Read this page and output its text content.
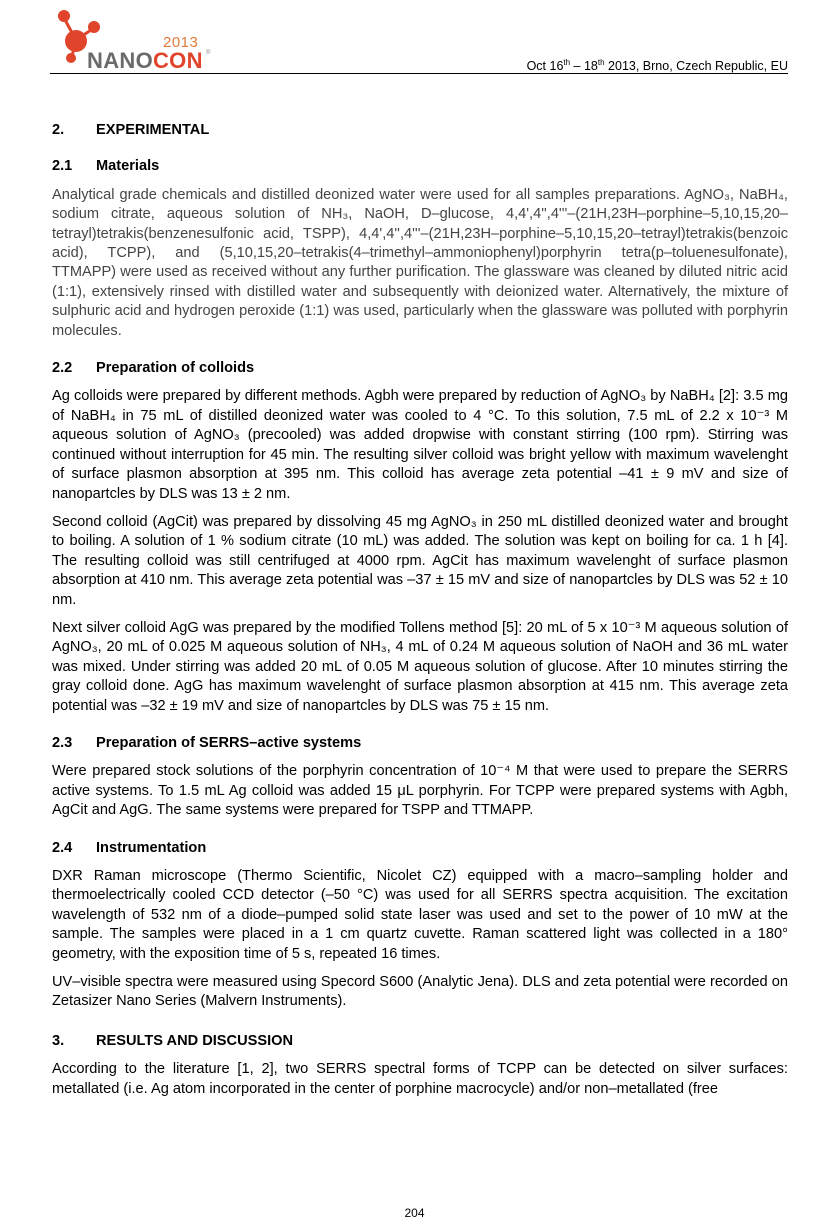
2013
NANOCON ®
Oct 16th – 18th 2013, Brno, Czech Republic, EU
2. EXPERIMENTAL
2.1 Materials

Analytical grade chemicals and distilled deonized water were used for all samples preparations. AgNO₃, NaBH₄, sodium citrate, aqueous solution of NH₃, NaOH, D–glucose, 4,4',4'',4'''–(21H,23H–porphine–5,10,15,20–tetrayl)tetrakis(benzenesulfonic acid, TSPP), 4,4',4'',4'''–(21H,23H–porphine–5,10,15,20–tetrayl)tetrakis(benzoic acid), TCPP), and (5,10,15,20–tetrakis(4–trimethyl–ammoniophenyl)porphyrin tetra(p–toluenesulfonate), TTMAPP) were used as received without any further purification. The glassware was cleaned by diluted nitric acid (1:1), extensively rinsed with distilled water and subsequently with deionized water. Alternatively, the mixture of sulphuric acid and hydrogen peroxide (1:1) was used, particularly when the glassware was polluted with porphyrin molecules.

2.2 Preparation of colloids

Ag colloids were prepared by different methods. Agbh were prepared by reduction of AgNO₃ by NaBH₄ [2]: 3.5 mg of NaBH₄ in 75 mL of distilled deonized water was cooled to 4 °C. To this solution, 7.5 mL of 2.2 x 10⁻³ M aqueous solution of AgNO₃ (precooled) was added dropwise with constant stirring (100 rpm). Stirring was continued without interruption for 45 min. The resulting silver colloid was bright yellow with maximum wavelenght of surface plasmon absorption at 395 nm. This colloid has average zeta potential –41 ± 9 mV and size of nanopartcles by DLS was 13 ± 2 nm.

Second colloid (AgCit) was prepared by dissolving 45 mg AgNO₃ in 250 mL distilled deonized water and brought to boiling. A solution of 1 % sodium citrate (10 mL) was added. The solution was kept on boiling for ca. 1 h [4]. The resulting colloid was still centrifuged at 4000 rpm. AgCit has maximum wavelenght of surface plasmon absorption at 410 nm. This average zeta potential was –37 ± 15 mV and size of nanopartcles by DLS was 52 ± 10 nm.

Next silver colloid AgG was prepared by the modified Tollens method [5]: 20 mL of 5 x 10⁻³ M aqueous solution of AgNO₃, 20 mL of 0.025 M aqueous solution of NH₃, 4 mL of 0.24 M aqueous solution of NaOH and 36 mL water was mixed. Under stirring was added 20 mL of 0.05 M aqueous solution of glucose. After 10 minutes stirring the gray colloid done. AgG has maximum wavelenght of surface plasmon absorption at 415 nm. This average zeta potential was –32 ± 19 mV and size of nanopartcles by DLS was 75 ± 15 nm.

2.3 Preparation of SERRS–active systems

Were prepared stock solutions of the porphyrin concentration of 10⁻⁴ M that were used to prepare the SERRS active systems. To 1.5 mL Ag colloid was added 15 μL porphyrin. For TCPP were prepared systems with Agbh, AgCit and AgG. The same systems were prepared for TSPP and TTMAPP.

2.4 Instrumentation

DXR Raman microscope (Thermo Scientific, Nicolet CZ) equipped with a macro–sampling holder and thermoelectrically cooled CCD detector (–50 °C) was used for all SERRS spectra acquisition. The excitation wavelength of 532 nm of a diode–pumped solid state laser was used and set to the power of 10 mW at the sample. The samples were placed in a 1 cm quartz cuvette. Raman scattered light was collected in a 180° geometry, with the exposition time of 5 s, repeated 16 times.

UV–visible spectra were measured using Specord S600 (Analytic Jena). DLS and zeta potential were recorded on Zetasizer Nano Series (Malvern Instruments).

3. RESULTS AND DISCUSSION

According to the literature [1, 2], two SERRS spectral forms of TCPP can be detected on silver surfaces: metallated (i.e. Ag atom incorporated in the center of porphine macrocycle) and/or non–metallated (free

204
